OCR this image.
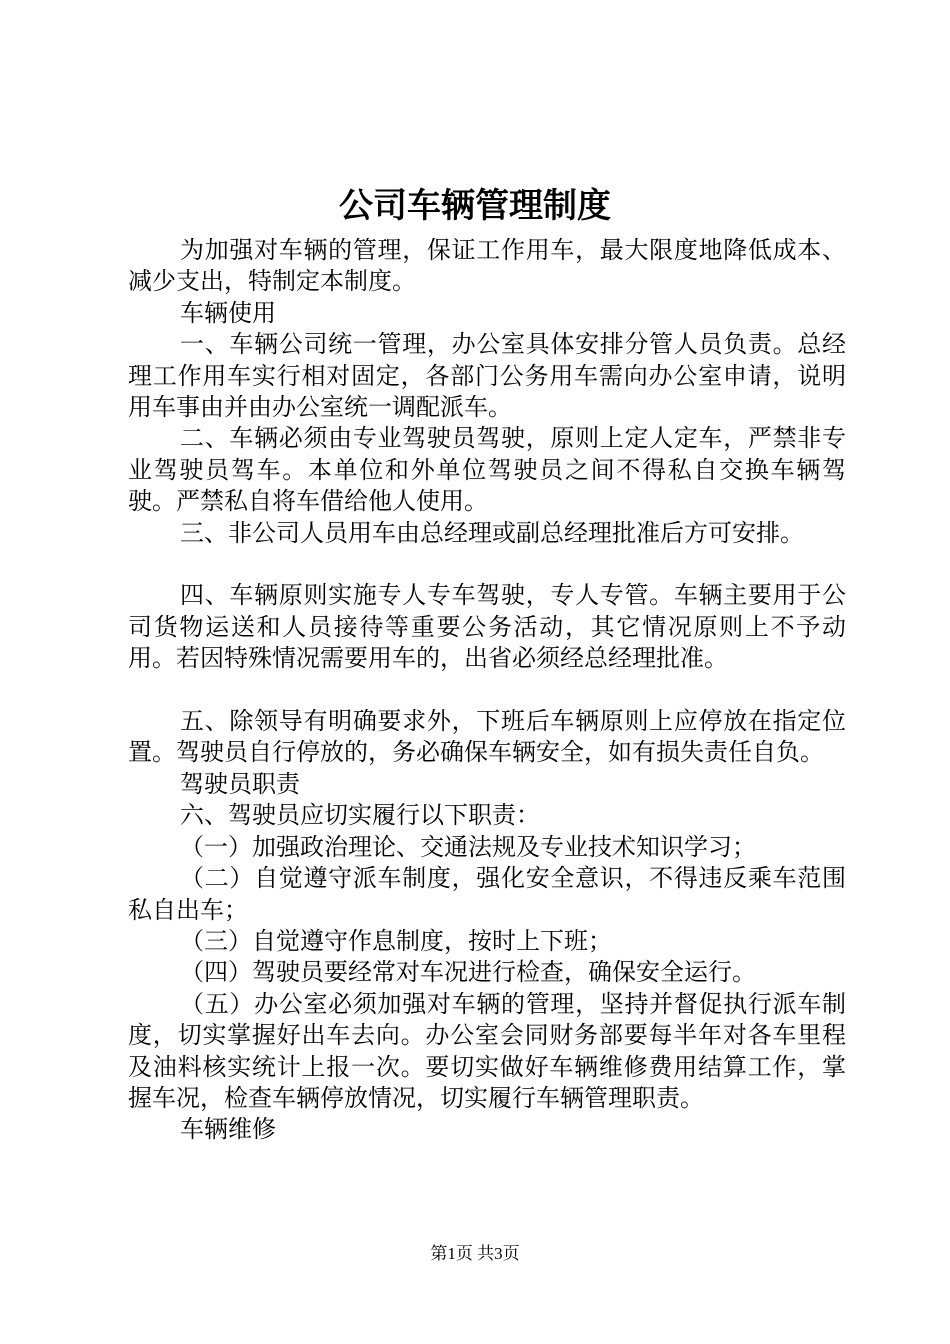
公司车辆管理制度

为加强对车辆的管理，保证工作用车，最大限度地降低成本、减少支出，特制定本制度。

车辆使用

一、车辆公司统一管理，办公室具体安排分管人员负责。总经理工作用车实行相对固定，各部门公务用车需向办公室申请，说明用车事由并由办公室统一调配派车。

二、车辆必须由专业驾驶员驾驶，原则上定人定车，严禁非专业驾驶员驾车。本单位和外单位驾驶员之间不得私自交换车辆驾驶。严禁私自将车借给他人使用。

三、非公司人员用车由总经理或副总经理批准后方可安排。

四、车辆原则实施专人专车驾驶，专人专管。车辆主要用于公司货物运送和人员接待等重要公务活动，其它情况原则上不予动用。若因特殊情况需要用车的，出省必须经总经理批准。

五、除领导有明确要求外，下班后车辆原则上应停放在指定位置。驾驶员自行停放的，务必确保车辆安全，如有损失责任自负。

驾驶员职责

六、驾驶员应切实履行以下职责：

（一）加强政治理论、交通法规及专业技术知识学习；

（二）自觉遵守派车制度，强化安全意识，不得违反乘车范围私自出车；

（三）自觉遵守作息制度，按时上下班；

（四）驾驶员要经常对车况进行检查，确保安全运行。

（五）办公室必须加强对车辆的管理，坚持并督促执行派车制度，切实掌握好出车去向。办公室会同财务部要每半年对各车里程及油料核实统计上报一次。要切实做好车辆维修费用结算工作，掌握车况，检查车辆停放情况，切实履行车辆管理职责。

车辆维修

第1页 共3页
